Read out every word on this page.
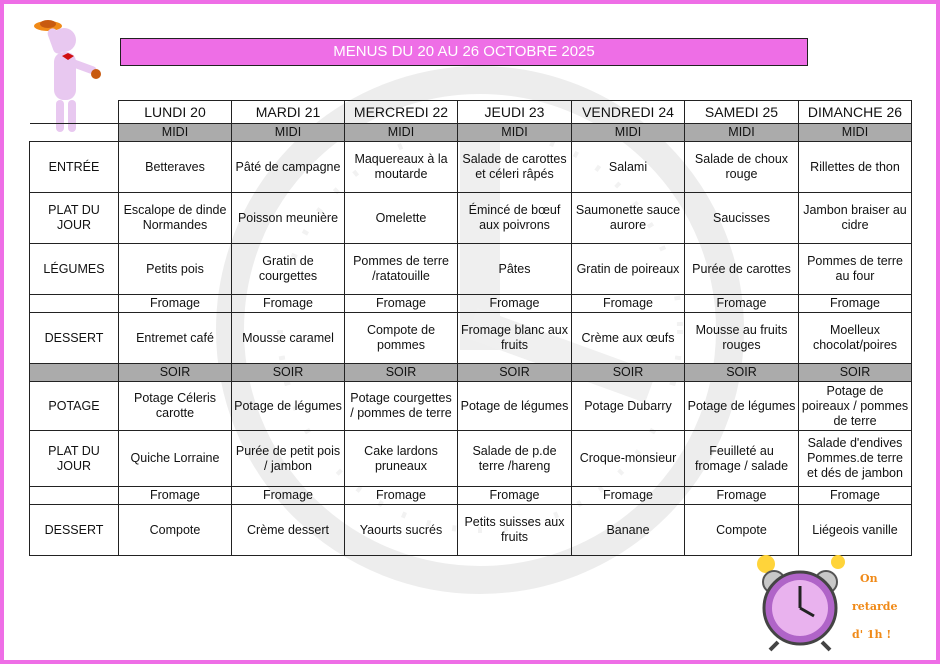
MENUS DU 20 AU 26 OCTOBRE 2025
	LUNDI 20	MARDI 21	MERCREDI 22	JEUDI 23	VENDREDI 24	SAMEDI 25	DIMANCHE 26
	MIDI	MIDI	MIDI	MIDI	MIDI	MIDI	MIDI
ENTRÉE	Betteraves	Pâté de campagne	Maquereaux à la moutarde	Salade de carottes et céleri râpés	Salami	Salade de choux rouge	Rillettes de thon
PLAT DU JOUR	Escalope de dinde Normandes	Poisson meunière	Omelette	Émincé de bœuf aux poivrons	Saumonette sauce aurore	Saucisses	Jambon braiser au cidre
LÉGUMES	Petits pois	Gratin de courgettes	Pommes de terre /ratatouille	Pâtes	Gratin de poireaux	Purée de carottes	Pommes de terre au four
	Fromage	Fromage	Fromage	Fromage	Fromage	Fromage	Fromage
DESSERT	Entremet café	Mousse caramel	Compote de pommes	Fromage blanc aux fruits	Crème aux œufs	Mousse au fruits rouges	Moelleux chocolat/poires
	SOIR	SOIR	SOIR	SOIR	SOIR	SOIR	SOIR
POTAGE	Potage Céleris carotte	Potage de légumes	Potage courgettes / pommes de terre	Potage de légumes	Potage Dubarry	Potage de légumes	Potage de poireaux / pommes de terre
PLAT DU JOUR	Quiche Lorraine	Purée de petit pois / jambon	Cake lardons pruneaux	Salade de p.de terre /hareng	Croque-monsieur	Feuilleté au fromage / salade	Salade d'endives Pommes.de terre et dés de jambon
	Fromage	Fromage	Fromage	Fromage	Fromage	Fromage	Fromage
DESSERT	Compote	Crème dessert	Yaourts sucrés	Petits suisses aux fruits	Banane	Compote	Liégeois vanille
On
retarde
d' 1h !
